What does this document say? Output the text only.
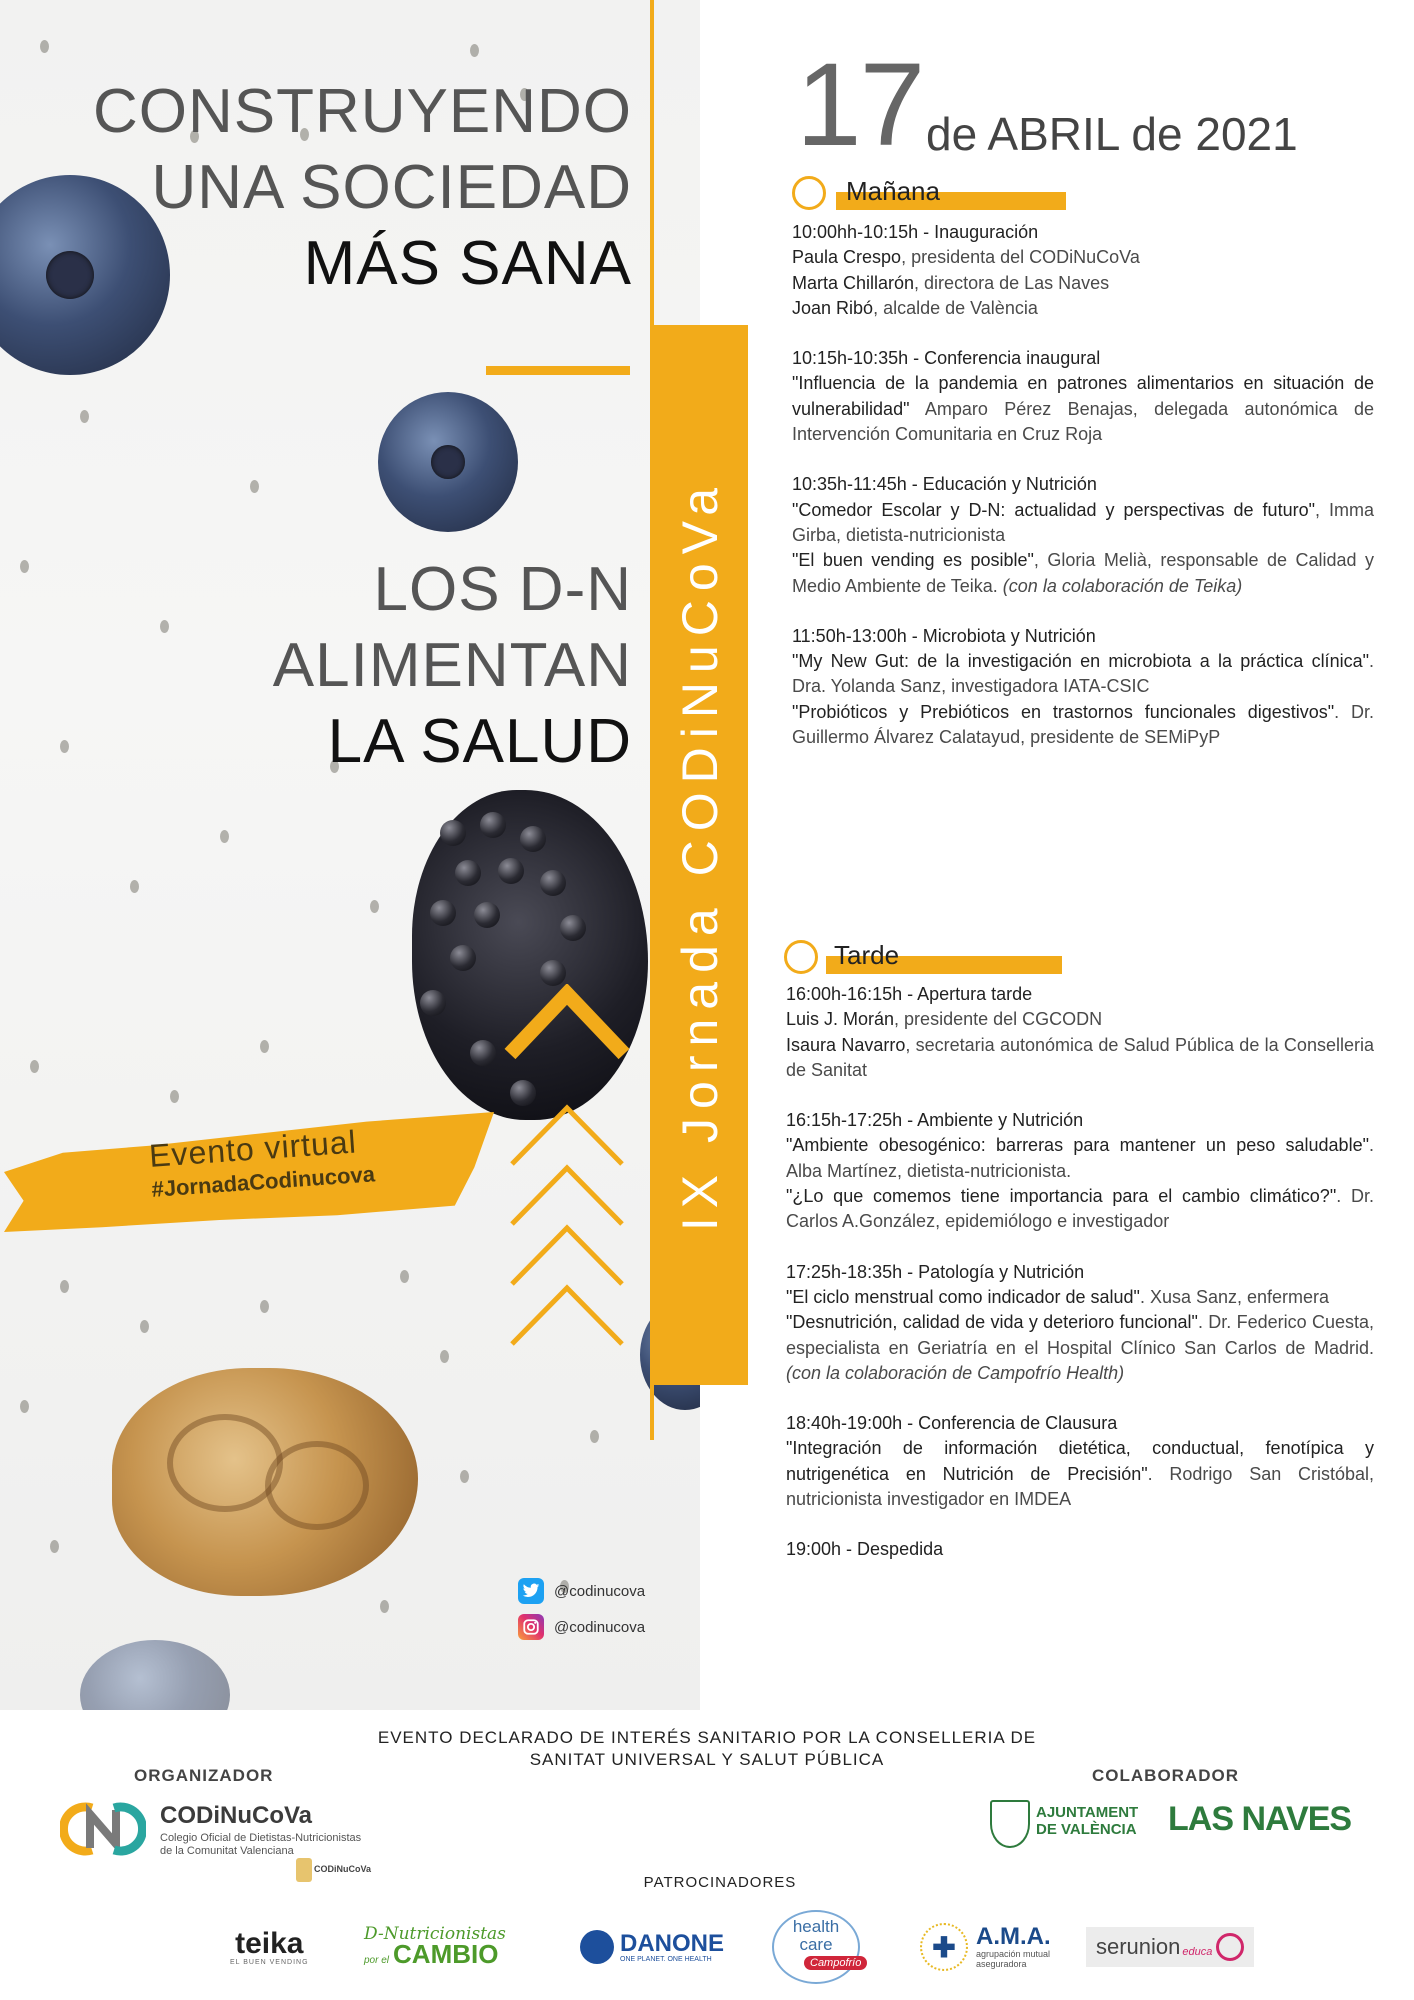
CONSTRUYENDO
UNA SOCIEDAD
MÁS SANA
LOS D-N
ALIMENTAN
LA SALUD IX Jornada CODiNuCoVa
Evento virtual
#JornadaCodinucova
@codinucova
@codinucova
17 de ABRIL de 2021
Mañana
10:00hh-10:15h - Inauguración
Paula Crespo, presidenta del CODiNuCoVa
Marta Chillarón, directora de Las Naves
Joan Ribó, alcalde de València
10:15h-10:35h - Conferencia inaugural
"Influencia de la pandemia en patrones alimentarios en situación de vulnerabilidad" Amparo Pérez Benajas, delegada autonómica de Intervención Comunitaria en Cruz Roja
10:35h-11:45h - Educación y Nutrición
"Comedor Escolar y D-N: actualidad y perspectivas de futuro", Imma Girba, dietista-nutricionista
"El buen vending es posible", Gloria Melià, responsable de Calidad y Medio Ambiente de Teika. (con la colaboración de Teika)
11:50h-13:00h - Microbiota y Nutrición
"My New Gut: de la investigación en microbiota a la práctica clínica". Dra. Yolanda Sanz, investigadora IATA-CSIC
"Probióticos y Prebióticos en trastornos funcionales digestivos". Dr. Guillermo Álvarez Calatayud, presidente de SEMiPyP
Tarde
16:00h-16:15h - Apertura tarde
Luis J. Morán, presidente del CGCODN
Isaura Navarro, secretaria autonómica de Salud Pública de la Conselleria de Sanitat
16:15h-17:25h - Ambiente y Nutrición
"Ambiente obesogénico: barreras para mantener un peso saludable". Alba Martínez, dietista-nutricionista.
"¿Lo que comemos tiene importancia para el cambio climático?". Dr. Carlos A.González, epidemiólogo e investigador
17:25h-18:35h - Patología y Nutrición
"El ciclo menstrual como indicador de salud". Xusa Sanz, enfermera
"Desnutrición, calidad de vida y deterioro funcional". Dr. Federico Cuesta, especialista en Geriatría en el Hospital Clínico San Carlos de Madrid. (con la colaboración de Campofrío Health)
18:40h-19:00h - Conferencia de Clausura
"Integración de información dietética, conductual, fenotípica y nutrigenética en Nutrición de Precisión". Rodrigo San Cristóbal, nutricionista investigador en IMDEA
19:00h - Despedida
EVENTO DECLARADO DE INTERÉS SANITARIO POR LA CONSELLERIA DE
SANITAT UNIVERSAL Y SALUT PÚBLICA
ORGANIZADOR	COLABORADOR
CODiNuCoVa
Colegio Oficial de Dietistas-Nutricionistas
de la Comunitat Valenciana
CODiNuCoVa
AJUNTAMENT
DE VALÈNCIA LAS NAVES
PATROCINADORES
teika
EL BUEN VENDING
D-Nutricionistas
por el CAMBIO	DANONE
ONE PLANET. ONE HEALTH
health
care
Campofrío
✚ A.M.A.
agrupación mutual
aseguradora
serunion educa
